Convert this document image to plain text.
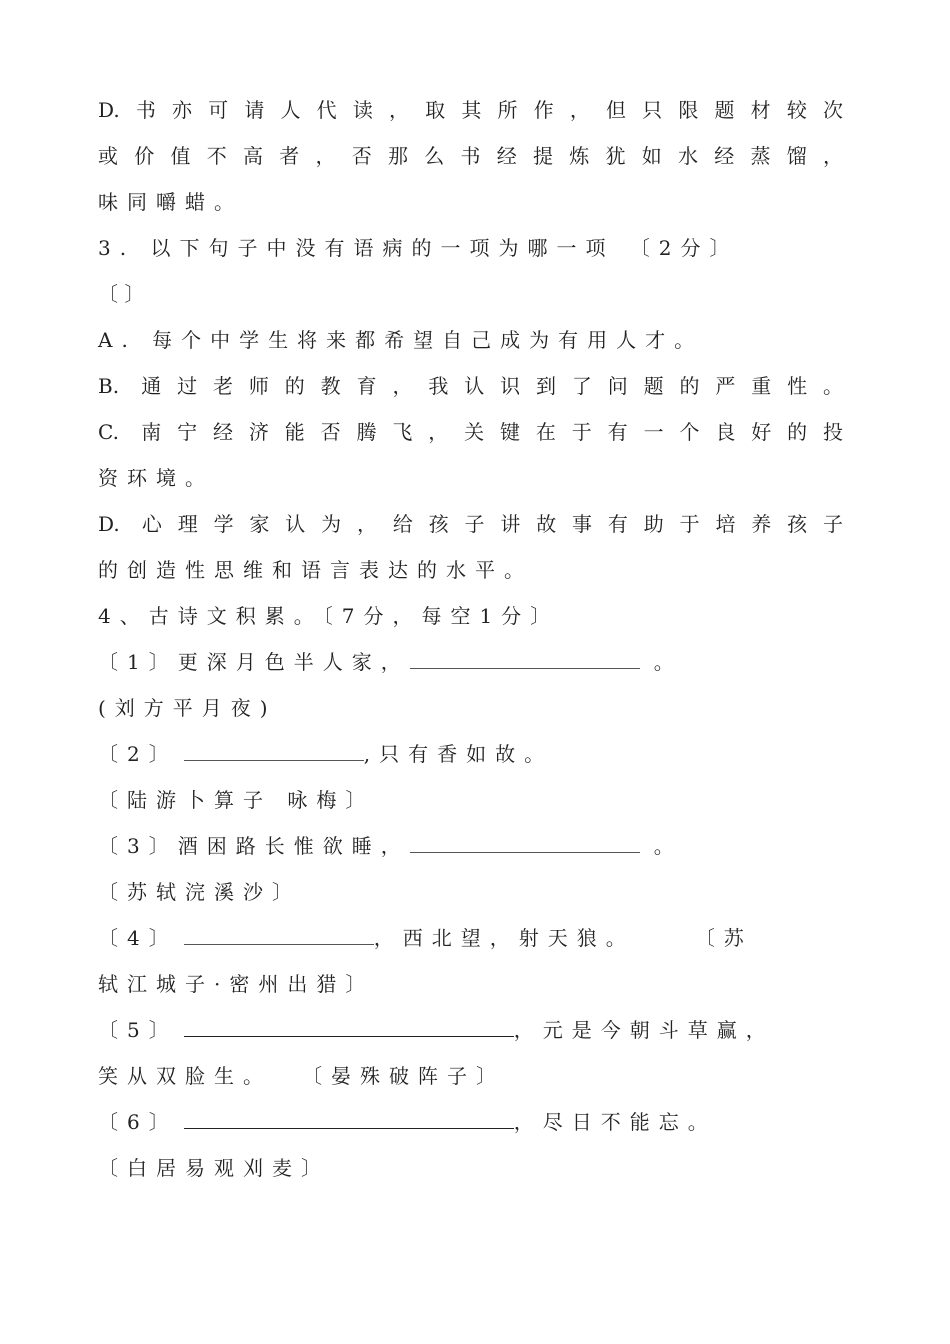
D.书亦可请人代读，取其所作，但只限题材较次
或价值不高者，否那么书经提炼犹如水经蒸馏，
味同嚼蜡。
3. 以下句子中没有语病的一项为哪一项 〔2分〕
〔 〕
A. 每个中学生将来都希望自己成为有用人才。
B. 通过老师的教育，我认识到了问题的严重性。
C. 南宁经济能否腾飞，关键在于有一个良好的投
资环境。
D. 心理学家认为，给孩子讲故事有助于培养孩子
的创造性思维和语言表达的水平。
4、古诗文积累。〔7分，每空1分〕
〔1〕更深月色半人家，	。
(刘方平月夜)
〔2〕	,只有香如故。
〔陆游卜算子 咏梅〕
〔3〕酒困路长惟欲睡，	。
〔苏轼浣溪沙〕
〔4〕	，西北望，射天狼。	〔苏
轼江城子·密州出猎〕
〔5〕	，元是今朝斗草赢，
笑从双脸生。 〔晏殊破阵子〕
〔6〕	，尽日不能忘。
〔白居易观刈麦〕
